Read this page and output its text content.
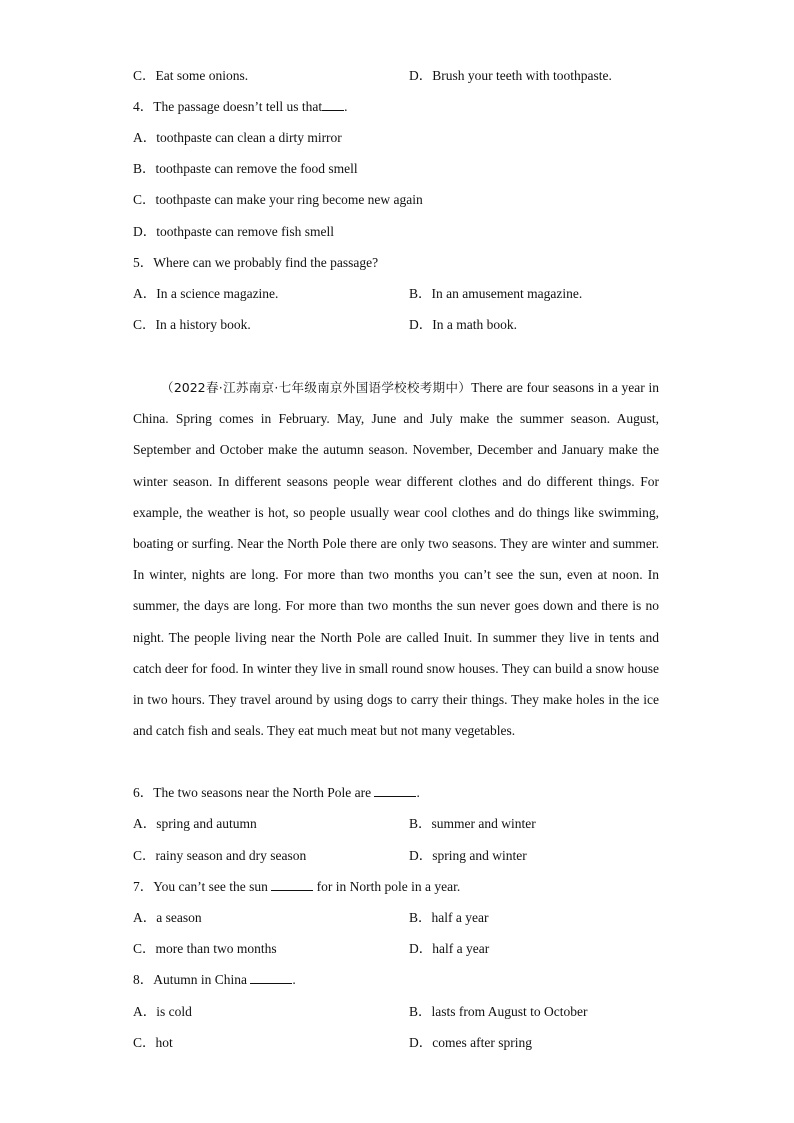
C．Eat some onions.	D．Brush your teeth with toothpaste.
4．The passage doesn’t tell us that .
A．toothpaste can clean a dirty mirror
B．toothpaste can remove the food smell
C．toothpaste can make your ring become new again
D．toothpaste can remove fish smell
5．Where can we probably find the passage?
A．In a science magazine.	B．In an amusement magazine.
C．In a history book.	D．In a math book.
（2022春·江苏南京·七年级南京外国语学校校考期中）There are four seasons in a year in China. Spring comes in February. May, June and July make the summer season. August, September and October make the autumn season. November, December and January make the winter season. In different seasons people wear different clothes and do different things. For example, the weather is hot, so people usually wear cool clothes and do things like swimming, boating or surfing. Near the North Pole there are only two seasons. They are winter and summer. In winter, nights are long. For more than two months you can’t see the sun, even at noon. In summer, the days are long. For more than two months the sun never goes down and there is no night. The people living near the North Pole are called Inuit. In summer they live in tents and catch deer for food. In winter they live in small round snow houses. They can build a snow house in two hours. They travel around by using dogs to carry their things. They make holes in the ice and catch fish and seals. They eat much meat but not many vegetables.
6．The two seasons near the North Pole are	.
A．spring and autumn	B．summer and winter
C．rainy season and dry season	D．spring and winter
7．You can’t see the sun	for in North pole in a year.
A．a season	B．half a year
C．more than two months	D．half a year
8．Autumn in China	.
A．is cold	B．lasts from August to October
C．hot	D．comes after spring
